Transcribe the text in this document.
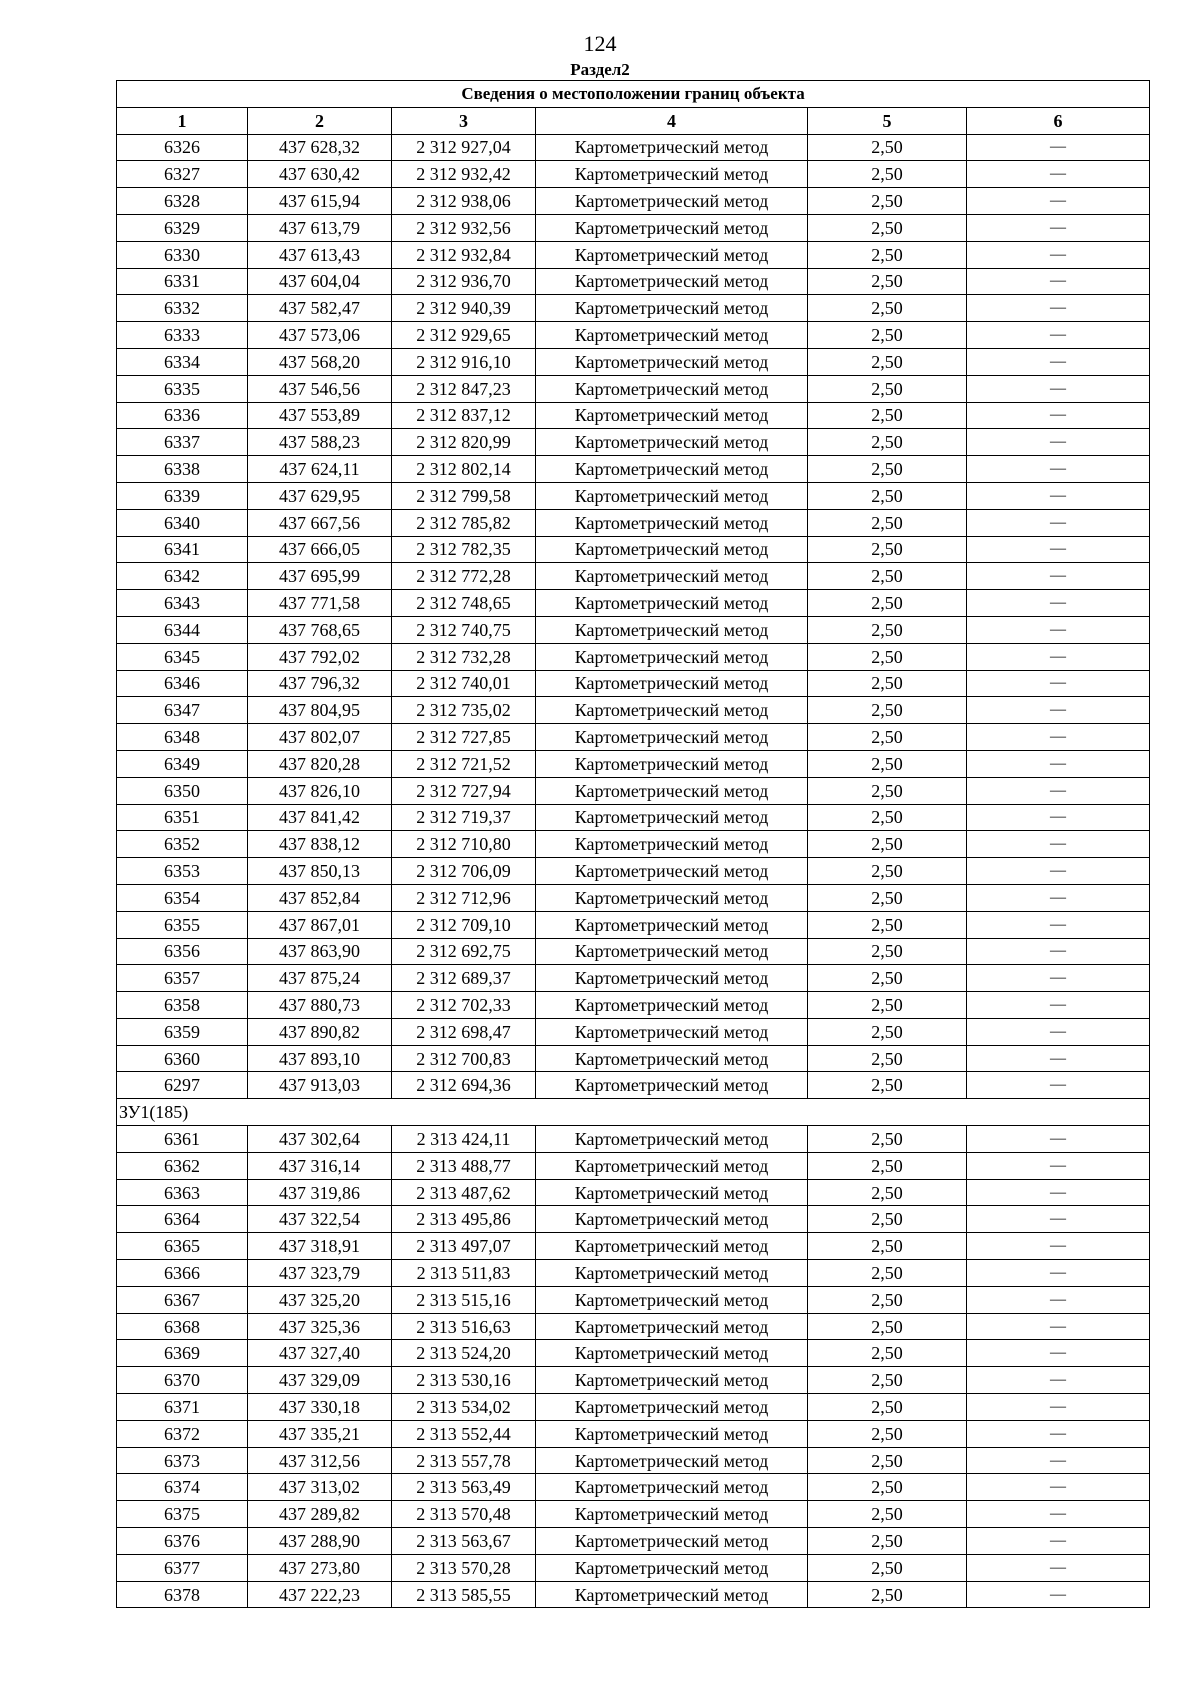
124
Раздел2
Сведения о местоположении границ объекта					
1	2	3	4	5	6
6326	437 628,32	2 312 927,04	Картометрический метод	2,50	—
6327	437 630,42	2 312 932,42	Картометрический метод	2,50	—
6328	437 615,94	2 312 938,06	Картометрический метод	2,50	—
6329	437 613,79	2 312 932,56	Картометрический метод	2,50	—
6330	437 613,43	2 312 932,84	Картометрический метод	2,50	—
6331	437 604,04	2 312 936,70	Картометрический метод	2,50	—
6332	437 582,47	2 312 940,39	Картометрический метод	2,50	—
6333	437 573,06	2 312 929,65	Картометрический метод	2,50	—
6334	437 568,20	2 312 916,10	Картометрический метод	2,50	—
6335	437 546,56	2 312 847,23	Картометрический метод	2,50	—
6336	437 553,89	2 312 837,12	Картометрический метод	2,50	—
6337	437 588,23	2 312 820,99	Картометрический метод	2,50	—
6338	437 624,11	2 312 802,14	Картометрический метод	2,50	—
6339	437 629,95	2 312 799,58	Картометрический метод	2,50	—
6340	437 667,56	2 312 785,82	Картометрический метод	2,50	—
6341	437 666,05	2 312 782,35	Картометрический метод	2,50	—
6342	437 695,99	2 312 772,28	Картометрический метод	2,50	—
6343	437 771,58	2 312 748,65	Картометрический метод	2,50	—
6344	437 768,65	2 312 740,75	Картометрический метод	2,50	—
6345	437 792,02	2 312 732,28	Картометрический метод	2,50	—
6346	437 796,32	2 312 740,01	Картометрический метод	2,50	—
6347	437 804,95	2 312 735,02	Картометрический метод	2,50	—
6348	437 802,07	2 312 727,85	Картометрический метод	2,50	—
6349	437 820,28	2 312 721,52	Картометрический метод	2,50	—
6350	437 826,10	2 312 727,94	Картометрический метод	2,50	—
6351	437 841,42	2 312 719,37	Картометрический метод	2,50	—
6352	437 838,12	2 312 710,80	Картометрический метод	2,50	—
6353	437 850,13	2 312 706,09	Картометрический метод	2,50	—
6354	437 852,84	2 312 712,96	Картометрический метод	2,50	—
6355	437 867,01	2 312 709,10	Картометрический метод	2,50	—
6356	437 863,90	2 312 692,75	Картометрический метод	2,50	—
6357	437 875,24	2 312 689,37	Картометрический метод	2,50	—
6358	437 880,73	2 312 702,33	Картометрический метод	2,50	—
6359	437 890,82	2 312 698,47	Картометрический метод	2,50	—
6360	437 893,10	2 312 700,83	Картометрический метод	2,50	—
6297	437 913,03	2 312 694,36	Картометрический метод	2,50	—
ЗУ1(185)					
6361	437 302,64	2 313 424,11	Картометрический метод	2,50	—
6362	437 316,14	2 313 488,77	Картометрический метод	2,50	—
6363	437 319,86	2 313 487,62	Картометрический метод	2,50	—
6364	437 322,54	2 313 495,86	Картометрический метод	2,50	—
6365	437 318,91	2 313 497,07	Картометрический метод	2,50	—
6366	437 323,79	2 313 511,83	Картометрический метод	2,50	—
6367	437 325,20	2 313 515,16	Картометрический метод	2,50	—
6368	437 325,36	2 313 516,63	Картометрический метод	2,50	—
6369	437 327,40	2 313 524,20	Картометрический метод	2,50	—
6370	437 329,09	2 313 530,16	Картометрический метод	2,50	—
6371	437 330,18	2 313 534,02	Картометрический метод	2,50	—
6372	437 335,21	2 313 552,44	Картометрический метод	2,50	—
6373	437 312,56	2 313 557,78	Картометрический метод	2,50	—
6374	437 313,02	2 313 563,49	Картометрический метод	2,50	—
6375	437 289,82	2 313 570,48	Картометрический метод	2,50	—
6376	437 288,90	2 313 563,67	Картометрический метод	2,50	—
6377	437 273,80	2 313 570,28	Картометрический метод	2,50	—
6378	437 222,23	2 313 585,55	Картометрический метод	2,50	—
